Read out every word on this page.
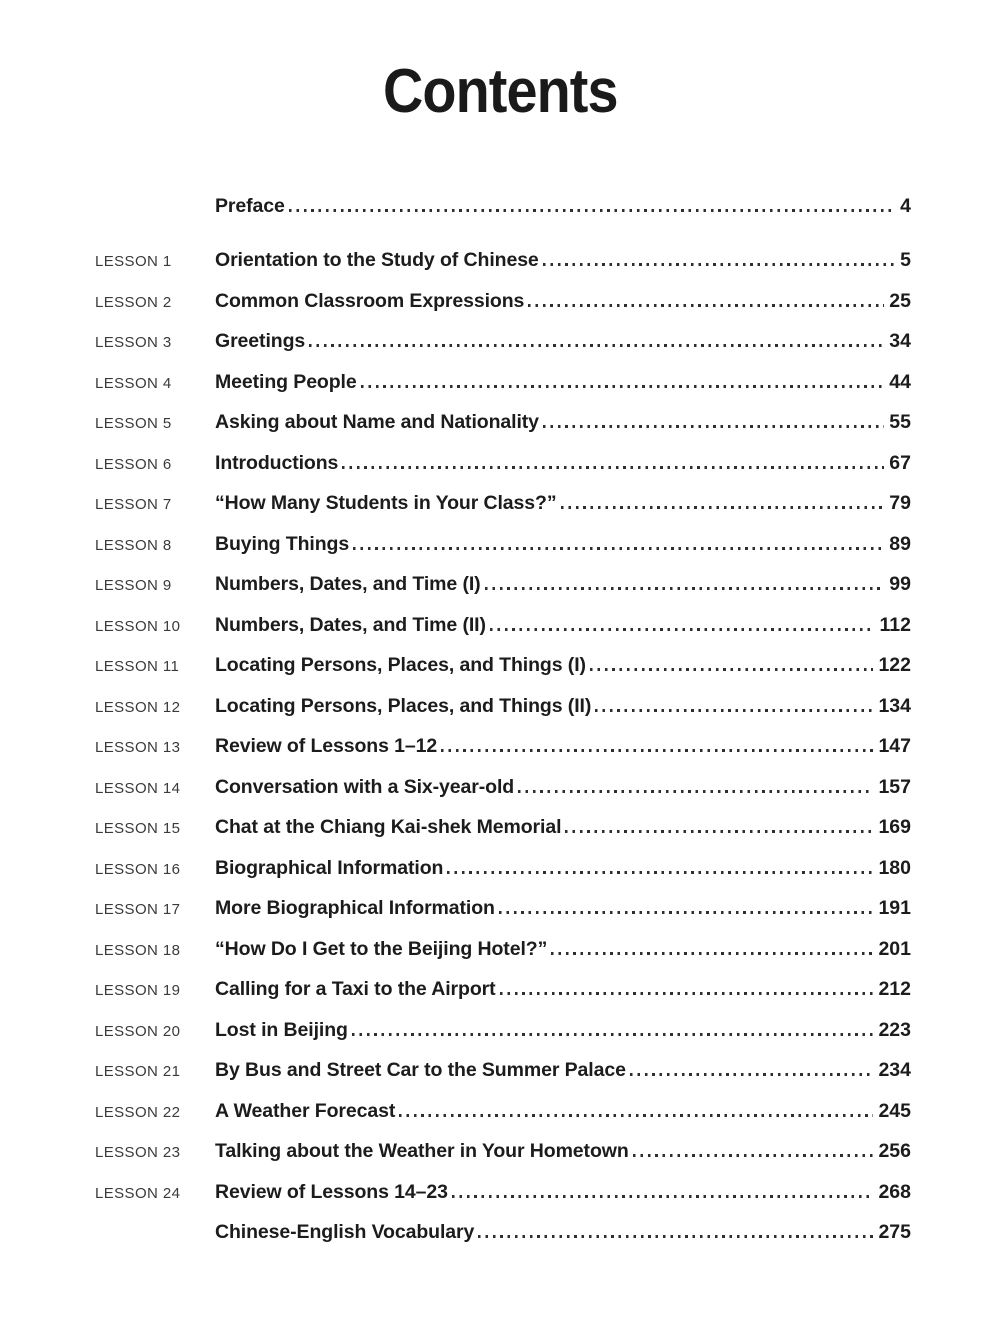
Contents
Preface	4
LESSON 1	Orientation to the Study of Chinese	5
LESSON 2	Common Classroom Expressions	25
LESSON 3	Greetings	34
LESSON 4	Meeting People	44
LESSON 5	Asking about Name and Nationality	55
LESSON 6	Introductions	67
LESSON 7	“How Many Students in Your Class?”	79
LESSON 8	Buying Things	89
LESSON 9	Numbers, Dates, and Time (I)	99
LESSON 10	Numbers, Dates, and Time (II)	112
LESSON 11	Locating Persons, Places, and Things (I)	122
LESSON 12	Locating Persons, Places, and Things (II)	134
LESSON 13	Review of Lessons 1–12	147
LESSON 14	Conversation with a Six-year-old	157
LESSON 15	Chat at the Chiang Kai-shek Memorial	169
LESSON 16	Biographical Information	180
LESSON 17	More Biographical Information	191
LESSON 18	“How Do I Get to the Beijing Hotel?”	201
LESSON 19	Calling for a Taxi to the Airport	212
LESSON 20	Lost in Beijing	223
LESSON 21	By Bus and Street Car to the Summer Palace	234
LESSON 22	A Weather Forecast	245
LESSON 23	Talking about the Weather in Your Hometown	256
LESSON 24	Review of Lessons 14–23	268
Chinese-English Vocabulary	275
